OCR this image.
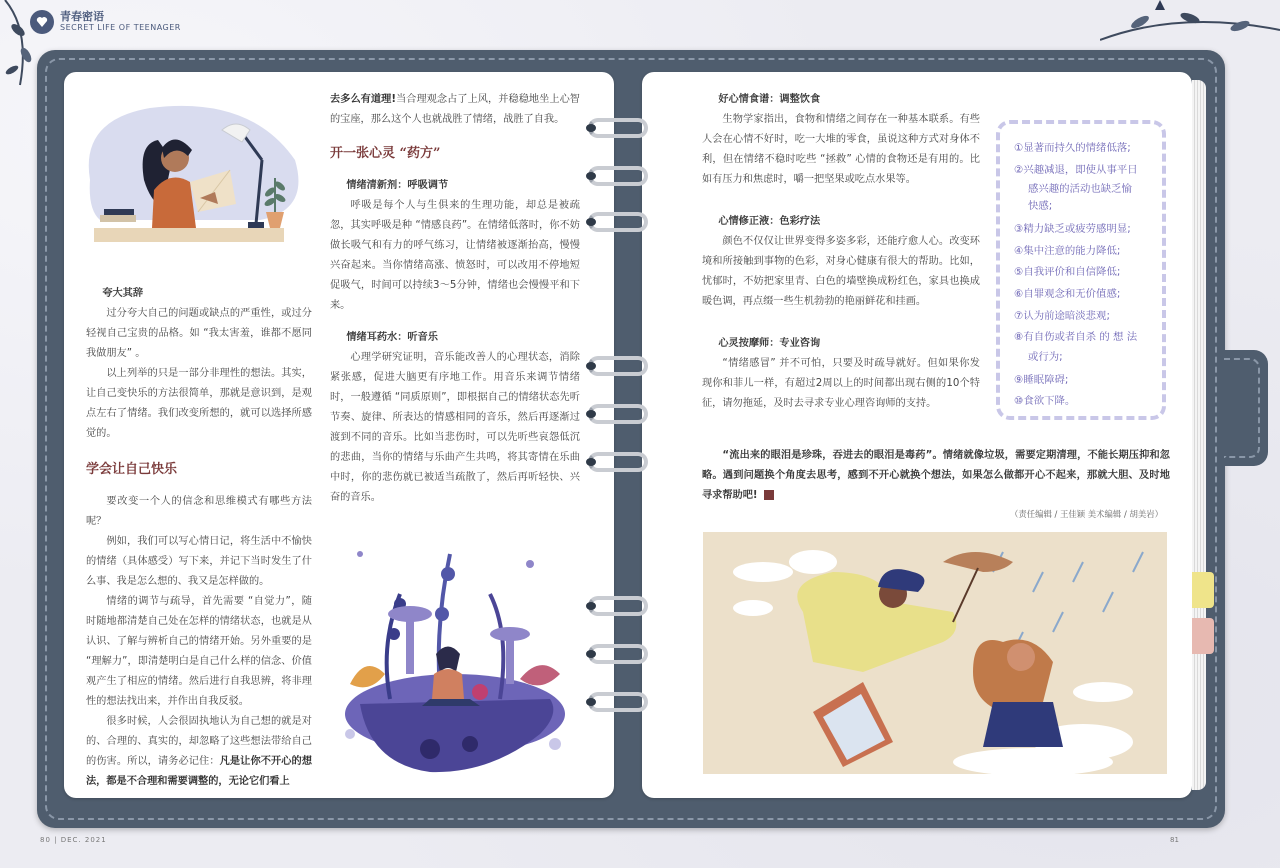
青春密语
SECRET LIFE OF TEENAGER
夸大其辞

过分夸大自己的问题或缺点的严重性，或过分轻视自己宝贵的品格。如 “我太害羞，谁都不愿同我做朋友” 。

以上列举的只是一部分非理性的想法。其实，让自己变快乐的方法很简单，那就是意识到，是观点左右了情绪。我们改变所想的，就可以选择所感觉的。

学会让自己快乐

要改变一个人的信念和思维模式有哪些方法呢？

例如，我们可以写心情日记，将生活中不愉快的情绪（具体感受）写下来，并记下当时发生了什么事、我是怎么想的、我又是怎样做的。

情绪的调节与疏导，首先需要 “自觉力”，随时随地都清楚自己处在怎样的情绪状态，也就是从认识、了解与辨析自己的情绪开始。另外重要的是 “理解力”，即清楚明白是自己什么样的信念、价值观产生了相应的情绪。然后进行自我思辨，将非理性的想法找出来，并作出自我反驳。

很多时候，人会很固执地认为自己想的就是对的、合理的、真实的，却忽略了这些想法带给自己的伤害。所以，请务必记住：凡是让你不开心的想法，都是不合理和需要调整的，无论它们看上

去多么有道理!当合理观念占了上风，并稳稳地坐上心智的宝座，那么这个人也就战胜了情绪，战胜了自我。

开一张心灵 “药方”
情绪清新剂：呼吸调节

呼吸是每个人与生俱来的生理功能，却总是被疏忽，其实呼吸是种 “情感良药”。在情绪低落时，你不妨做长吸气和有力的呼气练习，让情绪被逐渐抬高，慢慢兴奋起来。当你情绪高涨、愤怒时，可以改用不停地短促吸气，时间可以持续3～5分钟，情绪也会慢慢平和下来。

情绪耳药水：听音乐

心理学研究证明，音乐能改善人的心理状态，消除紧张感，促进大脑更有序地工作。用音乐来调节情绪时，一般遵循 “同质原则”，即根据自己的情绪状态先听节奏、旋律、所表达的情感相同的音乐，然后再逐渐过渡到不同的音乐。比如当悲伤时，可以先听些哀怨低沉的悲曲，当你的情绪与乐曲产生共鸣，将其寄情在乐曲中时，你的悲伤就已被适当疏散了，然后再听轻快、兴奋的音乐。

好心情食谱：调整饮食

生物学家指出，食物和情绪之间存在一种基本联系。有些人会在心情不好时，吃一大堆的零食，虽说这种方式对身体不利，但在情绪不稳时吃些 “拯救” 心情的食物还是有用的。比如有压力和焦虑时，嚼一把坚果或吃点水果等。

心情修正液：色彩疗法

颜色不仅仅让世界变得多姿多彩，还能疗愈人心。改变环境和所接触到事物的色彩，对身心健康有很大的帮助。比如，忧郁时，不妨把家里青、白色的墙壁换成粉红色，家具也换成暖色调，再点缀一些生机勃勃的艳丽鲜花和挂画。

心灵按摩师：专业咨询

“情绪感冒” 并不可怕，只要及时疏导就好。但如果你发现你和菲儿一样，有超过2周以上的时间都出现右侧的10个特征，请勿拖延，及时去寻求专业心理咨询师的支持。

“流出来的眼泪是珍珠，吞进去的眼泪是毒药”。情绪就像垃圾，需要定期清理，不能长期压抑和忽略。遇到问题换个角度去思考，感到不开心就换个想法，如果怎么做都开心不起来，那就大胆、及时地寻求帮助吧!	田

（责任编辑 / 王佳颖 美术编辑 / 胡美岩）
①显著而持久的情绪低落;
②兴趣减退，即使从事平日
感兴趣的活动也缺乏愉
快感;
③精力缺乏或疲劳感明显;
④集中注意的能力降低;
⑤自我评价和自信降低;
⑥自罪观念和无价值感;
⑦认为前途暗淡悲观;
⑧有自伤或者自杀 的 想 法
或行为;
⑨睡眠障碍;
⑩食欲下降。
80 | DEC. 2021	81
